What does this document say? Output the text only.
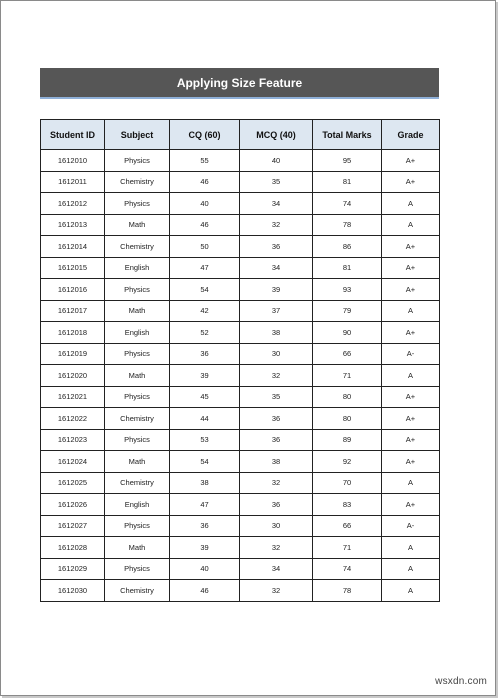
Applying Size Feature
Student ID	Subject	CQ (60)	MCQ (40)	Total Marks	Grade
1612010	Physics	55	40	95	A+
1612011	Chemistry	46	35	81	A+
1612012	Physics	40	34	74	A
1612013	Math	46	32	78	A
1612014	Chemistry	50	36	86	A+
1612015	English	47	34	81	A+
1612016	Physics	54	39	93	A+
1612017	Math	42	37	79	A
1612018	English	52	38	90	A+
1612019	Physics	36	30	66	A-
1612020	Math	39	32	71	A
1612021	Physics	45	35	80	A+
1612022	Chemistry	44	36	80	A+
1612023	Physics	53	36	89	A+
1612024	Math	54	38	92	A+
1612025	Chemistry	38	32	70	A
1612026	English	47	36	83	A+
1612027	Physics	36	30	66	A-
1612028	Math	39	32	71	A
1612029	Physics	40	34	74	A
1612030	Chemistry	46	32	78	A
wsxdn.com
